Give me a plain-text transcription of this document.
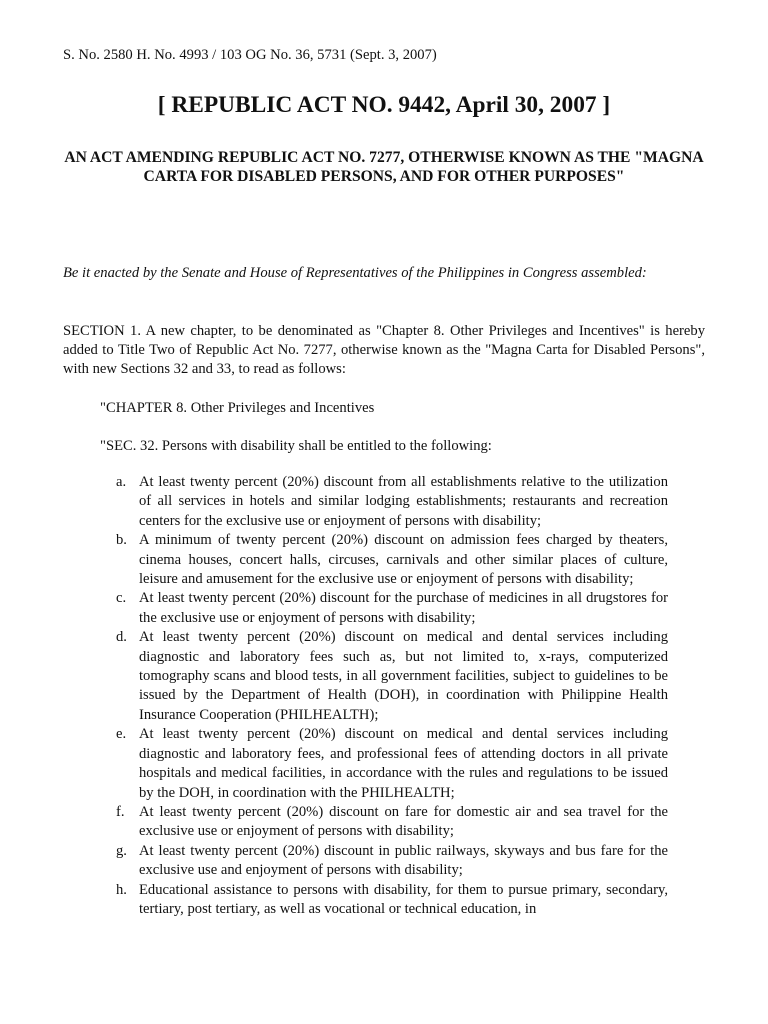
S. No. 2580 H. No. 4993 / 103 OG No. 36, 5731 (Sept. 3, 2007)
[ REPUBLIC ACT NO. 9442, April 30, 2007 ]
AN ACT AMENDING REPUBLIC ACT NO. 7277, OTHERWISE KNOWN AS THE "MAGNA CARTA FOR DISABLED PERSONS, AND FOR OTHER PURPOSES"
Be it enacted by the Senate and House of Representatives of the Philippines in Congress assembled:
SECTION 1. A new chapter, to be denominated as "Chapter 8. Other Privileges and Incentives" is hereby added to Title Two of Republic Act No. 7277, otherwise known as the "Magna Carta for Disabled Persons", with new Sections 32 and 33, to read as follows:
"CHAPTER 8. Other Privileges and Incentives
"SEC. 32. Persons with disability shall be entitled to the following:
a. At least twenty percent (20%) discount from all establishments relative to the utilization of all services in hotels and similar lodging establishments; restaurants and recreation centers for the exclusive use or enjoyment of persons with disability;
b. A minimum of twenty percent (20%) discount on admission fees charged by theaters, cinema houses, concert halls, circuses, carnivals and other similar places of culture, leisure and amusement for the exclusive use or enjoyment of persons with disability;
c. At least twenty percent (20%) discount for the purchase of medicines in all drugstores for the exclusive use or enjoyment of persons with disability;
d. At least twenty percent (20%) discount on medical and dental services including diagnostic and laboratory fees such as, but not limited to, x-rays, computerized tomography scans and blood tests, in all government facilities, subject to guidelines to be issued by the Department of Health (DOH), in coordination with Philippine Health Insurance Cooperation (PHILHEALTH);
e. At least twenty percent (20%) discount on medical and dental services including diagnostic and laboratory fees, and professional fees of attending doctors in all private hospitals and medical facilities, in accordance with the rules and regulations to be issued by the DOH, in coordination with the PHILHEALTH;
f. At least twenty percent (20%) discount on fare for domestic air and sea travel for the exclusive use or enjoyment of persons with disability;
g. At least twenty percent (20%) discount in public railways, skyways and bus fare for the exclusive use and enjoyment of persons with disability;
h. Educational assistance to persons with disability, for them to pursue primary, secondary, tertiary, post tertiary, as well as vocational or technical education, in
